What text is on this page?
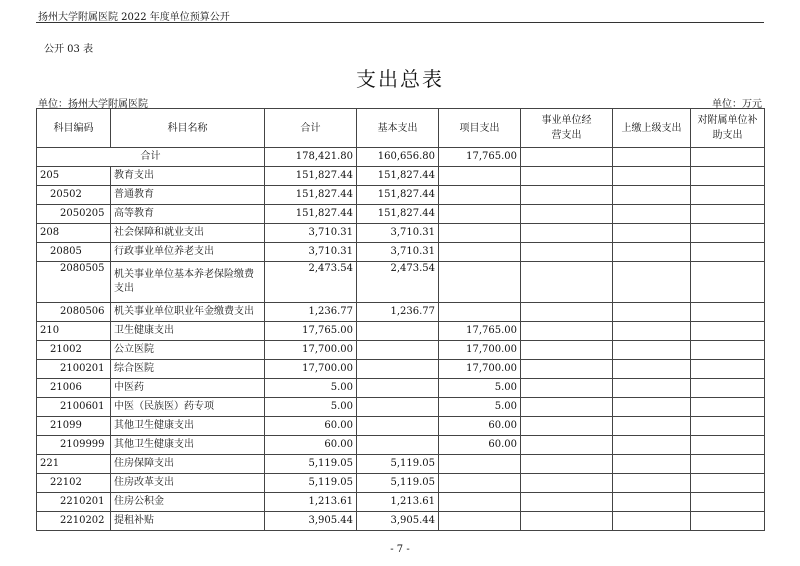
扬州大学附属医院 2022 年度单位预算公开
公开 03 表
支出总表
单位：扬州大学附属医院	单位：万元
科目编码	科目名称	合计	基本支出	项目支出	事业单位经营支出	上缴上级支出	对附属单位补助支出
合计		178,421.80	160,656.80	17,765.00			
205	教育支出	151,827.44	151,827.44				
20502	普通教育	151,827.44	151,827.44				
2050205	高等教育	151,827.44	151,827.44				
208	社会保障和就业支出	3,710.31	3,710.31				
20805	行政事业单位养老支出	3,710.31	3,710.31				
2080505	机关事业单位基本养老保险缴费支出	2,473.54	2,473.54				
2080506	机关事业单位职业年金缴费支出	1,236.77	1,236.77				
210	卫生健康支出	17,765.00		17,765.00			
21002	公立医院	17,700.00		17,700.00			
2100201	综合医院	17,700.00		17,700.00			
21006	中医药	5.00		5.00			
2100601	中医（民族医）药专项	5.00		5.00			
21099	其他卫生健康支出	60.00		60.00			
2109999	其他卫生健康支出	60.00		60.00			
221	住房保障支出	5,119.05	5,119.05				
22102	住房改革支出	5,119.05	5,119.05				
2210201	住房公积金	1,213.61	1,213.61				
2210202	提租补贴	3,905.44	3,905.44				
- 7 -
